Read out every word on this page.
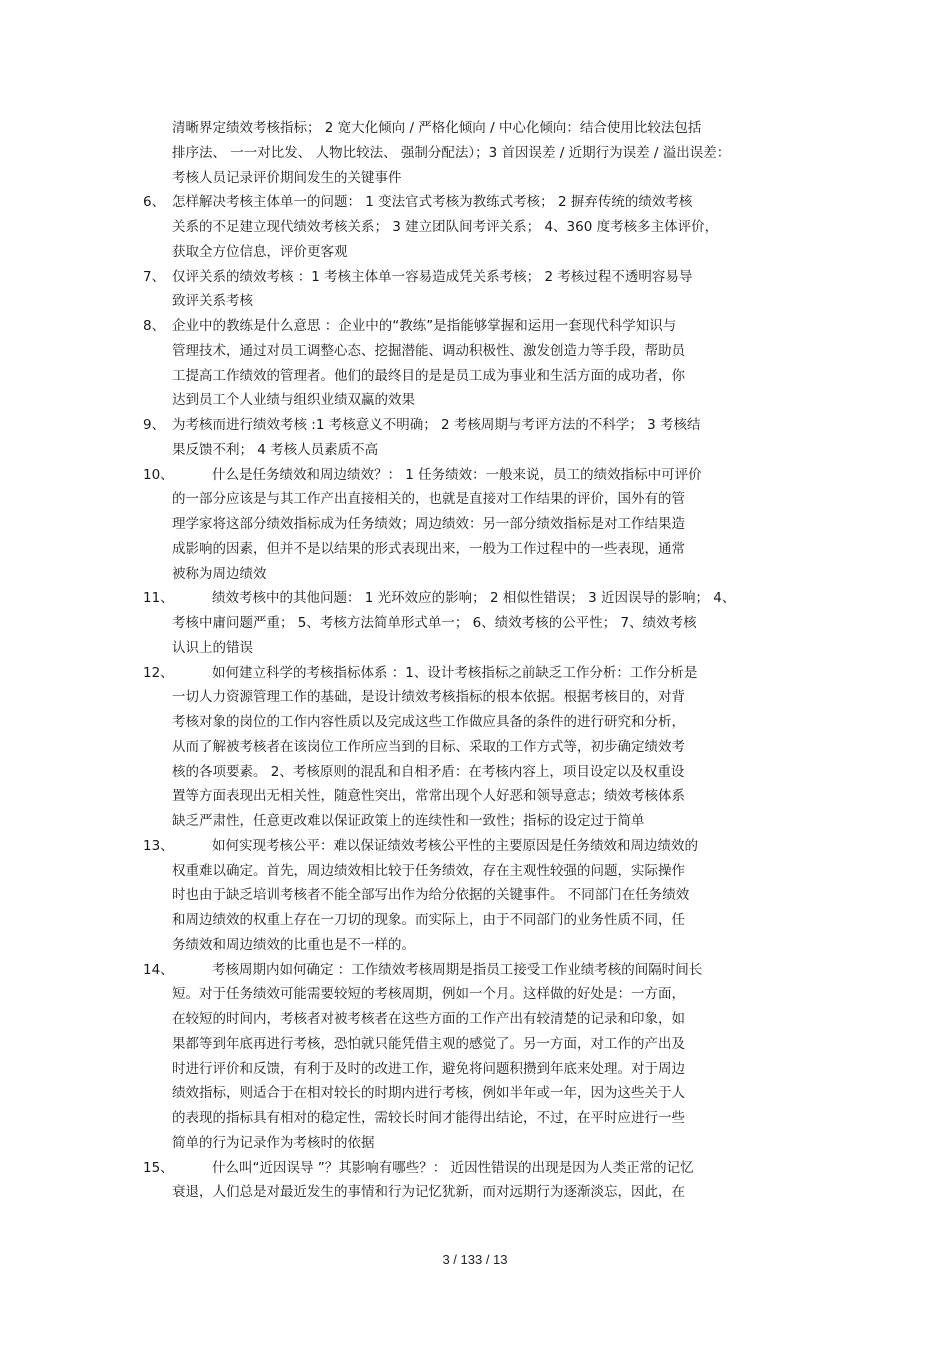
清晰界定绩效考核指标； 2 宽大化倾向 / 严格化倾向 / 中心化倾向：结合使用比较法包括
排序法、 一一对比发、 人物比较法、 强制分配法）；3 首因误差 / 近期行为误差 / 溢出误差：
考核人员记录评价期间发生的关键事件
6、 怎样解决考核主体单一的问题： 1 变法官式考核为教练式考核； 2 摒弃传统的绩效考核
关系的不足建立现代绩效考核关系； 3 建立团队间考评关系； 4、360 度考核多主体评价，
获取全方位信息，评价更客观
7、 仅评关系的绩效考核 ：1 考核主体单一容易造成凭关系考核； 2 考核过程不透明容易导
致评关系考核
8、 企业中的教练是什么意思 ：企业中的“教练”是指能够掌握和运用一套现代科学知识与
管理技术，通过对员工调整心态、挖掘潜能、调动积极性、激发创造力等手段，帮助员
工提高工作绩效的管理者。他们的最终目的是是员工成为事业和生活方面的成功者，你
达到员工个人业绩与组织业绩双赢的效果
9、 为考核而进行绩效考核 :1 考核意义不明确； 2 考核周期与考评方法的不科学； 3 考核结
果反馈不利； 4 考核人员素质不高
10、	什么是任务绩效和周边绩效？： 1 任务绩效：一般来说，员工的绩效指标中可评价
的一部分应该是与其工作产出直接相关的，也就是直接对工作结果的评价，国外有的管
理学家将这部分绩效指标成为任务绩效；周边绩效：另一部分绩效指标是对工作结果造
成影响的因素，但并不是以结果的形式表现出来，一般为工作过程中的一些表现，通常
被称为周边绩效
11、	绩效考核中的其他问题： 1 光环效应的影响； 2 相似性错误； 3 近因误导的影响； 4、
考核中庸问题严重； 5、考核方法简单形式单一； 6、绩效考核的公平性； 7、绩效考核
认识上的错误
12、	如何建立科学的考核指标体系 ：1、设计考核指标之前缺乏工作分析：工作分析是
一切人力资源管理工作的基础，是设计绩效考核指标的根本依据。根据考核目的，对背
考核对象的岗位的工作内容性质以及完成这些工作做应具备的条件的进行研究和分析，
从而了解被考核者在该岗位工作所应当到的目标、采取的工作方式等，初步确定绩效考
核的各项要素。 2、考核原则的混乱和自相矛盾：在考核内容上，项目设定以及权重设
置等方面表现出无相关性，随意性突出，常常出现个人好恶和领导意志；绩效考核体系
缺乏严肃性，任意更改难以保证政策上的连续性和一致性；指标的设定过于简单
13、	如何实现考核公平：难以保证绩效考核公平性的主要原因是任务绩效和周边绩效的
权重难以确定。首先，周边绩效相比较于任务绩效，存在主观性较强的问题，实际操作
时也由于缺乏培训考核者不能全部写出作为给分依据的关键事件。 不同部门在任务绩效
和周边绩效的权重上存在一刀切的现象。而实际上，由于不同部门的业务性质不同，任
务绩效和周边绩效的比重也是不一样的。
14、	考核周期内如何确定 ：工作绩效考核周期是指员工接受工作业绩考核的间隔时间长
短。对于任务绩效可能需要较短的考核周期，例如一个月。这样做的好处是：一方面，
在较短的时间内，考核者对被考核者在这些方面的工作产出有较清楚的记录和印象，如
果都等到年底再进行考核，恐怕就只能凭借主观的感觉了。另一方面，对工作的产出及
时进行评价和反馈，有利于及时的改进工作，避免将问题积攒到年底来处理。对于周边
绩效指标，则适合于在相对较长的时期内进行考核，例如半年或一年，因为这些关于人
的表现的指标具有相对的稳定性，需较长时间才能得出结论，不过，在平时应进行一些
简单的行为记录作为考核时的依据
15、	什么叫“近因误导 ”？其影响有哪些？： 近因性错误的出现是因为人类正常的记忆
衰退，人们总是对最近发生的事情和行为记忆犹新，而对远期行为逐渐淡忘，因此，在
3 / 133 / 13
